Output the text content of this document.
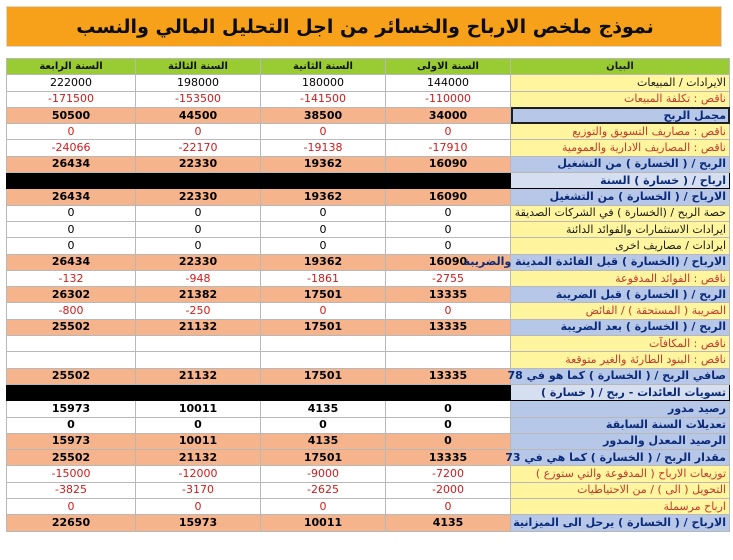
نموذج ملخص الارباح والخسائر من اجل التحليل المالي والنسب
السنة الرابعة	السنة الثالثة	السنة الثانية	السنة الاولى	البيان
222000	198000	180000	144000	الايرادات / المبيعات
-171500	-153500	-141500	-110000	ناقص : تكلفة المبيعات
50500	44500	38500	34000	مجمل الربح
0	0	0	0	ناقص : مصاريف التسويق والتوزيع
-24066	-22170	-19138	-17910	ناقص : المصاريف الادارية والعمومية
26434	22330	19362	16090	الربح / ( الخسارة ) من التشغيل
				ارباح / ( خسارة ) السنة
26434	22330	19362	16090	الارباح / ( الخسارة ) من التشغيل
0	0	0	0	حصة الربح / (الخسارة ) في الشركات الصديقة
0	0	0	0	ايرادات الاستثمارات والفوائد الدائنة
0	0	0	0	ايرادات / مصاريف اخرى
26434	22330	19362	16090	الارباح / (الخسارة ) قبل الفائدة المدينة والضريبة
-132	-948	-1861	-2755	ناقص : الفوائد المدفوعة
26302	21382	17501	13335	الربح / ( الخسارة ) قبل الضريبة
-800	-250	0	0	الضريبة ( المستحقة ) / الفائض
25502	21132	17501	13335	الربح / ( الخسارة ) بعد الضريبة
				ناقص : المكافآت
				ناقص : البنود الطارئة والغير متوقعة
25502	21132	17501	13335	صافي الربح / ( الخسارة ) كما هو في 78
				تسويات العائدات - ربح / ( خسارة )
15973	10011	4135	0	رصيد مدور
0	0	0	0	تعديلات السنة السابقة
15973	10011	4135	0	الرصيد المعدل والمدور
25502	21132	17501	13335	مقدار الربح / ( الخسارة ) كما هي في 73
-15000	-12000	-9000	-7200	توزيعات الارباح ( المدفوعة والتي ستوزع )
-3825	-3170	-2625	-2000	التحويل ( الى ) / من الاحتياطيات
0	0	0	0	ارباح مرسملة
22650	15973	10011	4135	الارباح / ( الخسارة ) يرحل الى الميزانية
